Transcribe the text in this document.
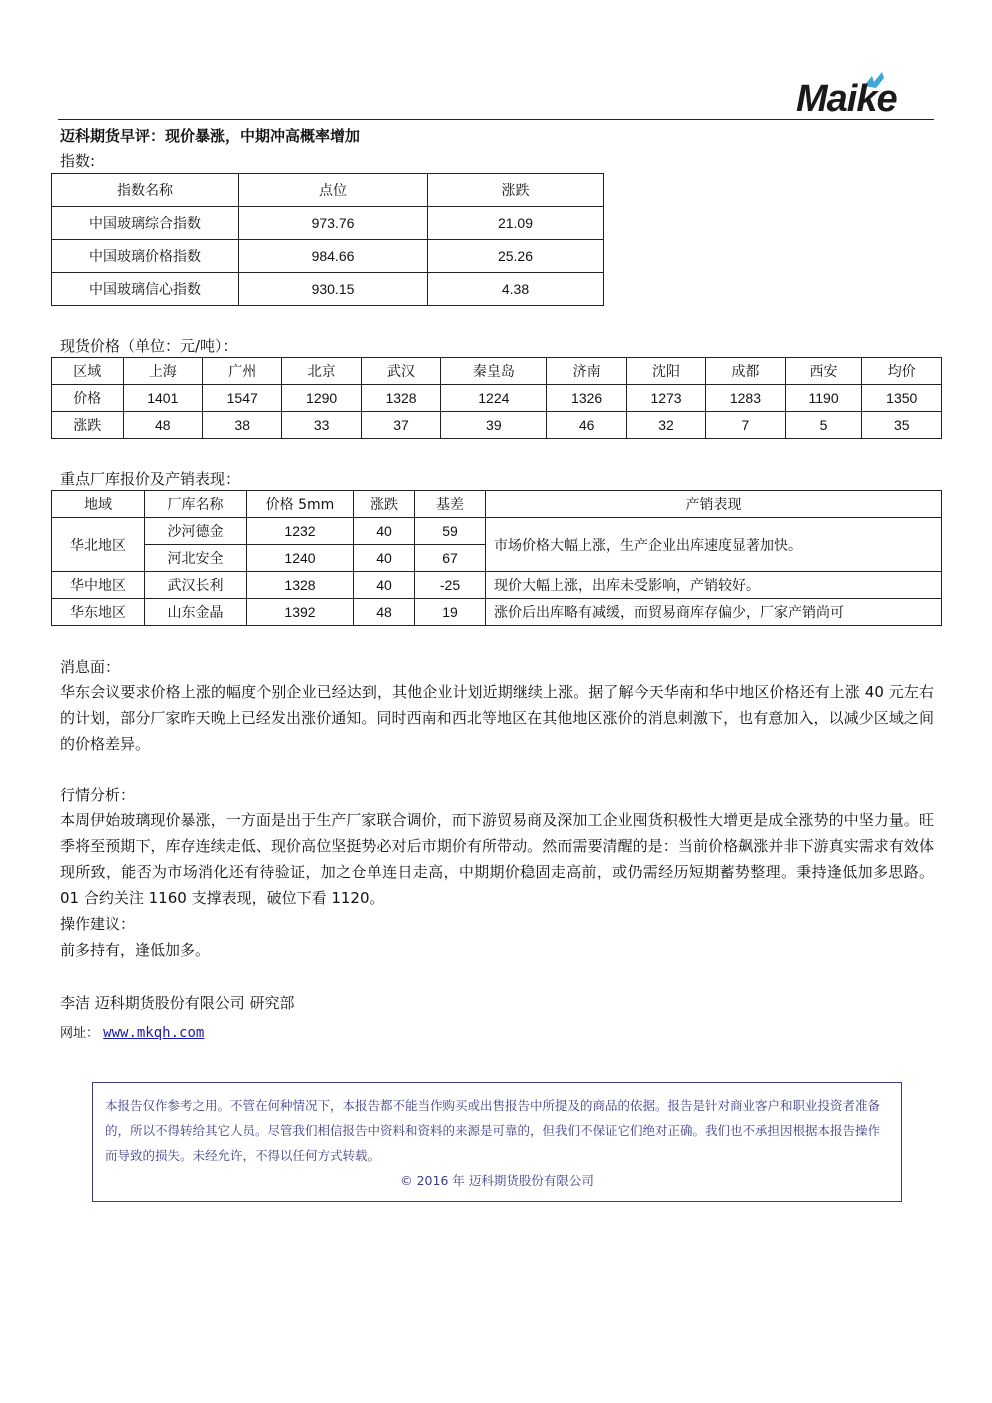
Maike
迈科期货早评：现价暴涨，中期冲高概率增加
指数:
指数名称	点位	涨跌
中国玻璃综合指数	973.76	21.09
中国玻璃价格指数	984.66	25.26
中国玻璃信心指数	930.15	4.38
现货价格（单位：元/吨）：
区域	上海	广州	北京	武汉	秦皇岛	济南	沈阳	成都	西安	均价
价格	1401	1547	1290	1328	1224	1326	1273	1283	1190	1350
涨跌	48	38	33	37	39	46	32	7	5	35
重点厂库报价及产销表现：
地域	厂库名称	价格 5mm	涨跌	基差	产销表现
华北地区	沙河德金	1232	40	59	市场价格大幅上涨，生产企业出库速度显著加快。
	河北安全	1240	40	67	
华中地区	武汉长利	1328	40	-25	现价大幅上涨，出库未受影响，产销较好。
华东地区	山东金晶	1392	48	19	涨价后出库略有减缓，而贸易商库存偏少，厂家产销尚可
消息面：
华东会议要求价格上涨的幅度个别企业已经达到，其他企业计划近期继续上涨。据了解今天华南和华中地区价格还有上涨 40 元左右的计划，部分厂家昨天晚上已经发出涨价通知。同时西南和西北等地区在其他地区涨价的消息刺激下，也有意加入，以减少区域之间的价格差异。
行情分析：
本周伊始玻璃现价暴涨，一方面是出于生产厂家联合调价，而下游贸易商及深加工企业囤货积极性大增更是成全涨势的中坚力量。旺季将至预期下，库存连续走低、现价高位坚挺势必对后市期价有所带动。然而需要清醒的是：当前价格飙涨并非下游真实需求有效体现所致，能否为市场消化还有待验证，加之仓单连日走高，中期期价稳固走高前，或仍需经历短期蓄势整理。秉持逢低加多思路。01 合约关注 1160 支撑表现，破位下看 1120。
操作建议：
前多持有，逢低加多。
李洁 迈科期货股份有限公司 研究部
网址： www.mkqh.com
本报告仅作参考之用。不管在何种情况下，本报告都不能当作购买或出售报告中所提及的商品的依据。报告是针对商业客户和职业投资者准备的，所以不得转给其它人员。尽管我们相信报告中资料和资料的来源是可靠的，但我们不保证它们绝对正确。我们也不承担因根据本报告操作而导致的损失。未经允许，不得以任何方式转载。
© 2016 年 迈科期货股份有限公司
